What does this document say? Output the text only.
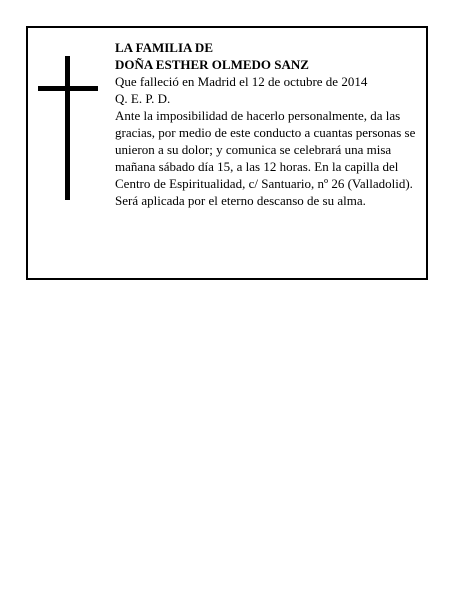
LA FAMILIA DE
DOÑA ESTHER OLMEDO SANZ
Que falleció en Madrid el 12 de octubre de 2014
Q. E. P. D.
Ante la imposibilidad de hacerlo personalmente, da las gracias, por medio de este conducto a cuantas personas se unieron a su dolor; y comunica se celebrará una misa mañana sábado día 15, a las 12 horas. En la capilla del Centro de Espiritualidad, c/ Santuario, nº 26 (Valladolid). Será aplicada por el eterno descanso de su alma.
